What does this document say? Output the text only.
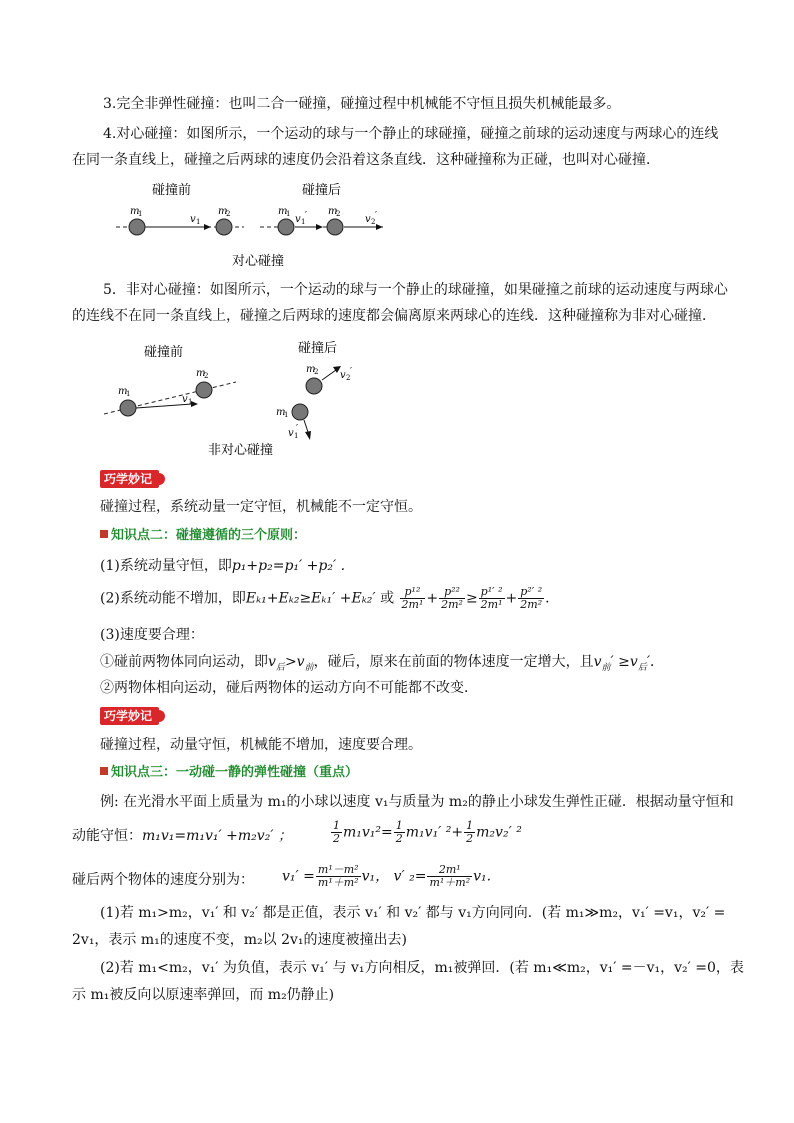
3.完全非弹性碰撞：也叫二合一碰撞，碰撞过程中机械能不守恒且损失机械能最多。
4.对心碰撞：如图所示，一个运动的球与一个静止的球碰撞，碰撞之前球的运动速度与两球心的连线
在同一条直线上，碰撞之后两球的速度仍会沿着这条直线．这种碰撞称为正碰，也叫对心碰撞．
碰撞前	碰撞后
m
1	m
2
v 1
m
1	m
2
v 1
′	v 2
′
对心碰撞
5．非对心碰撞：如图所示，一个运动的球与一个静止的球碰撞，如果碰撞之前球的运动速度与两球心
的连线不在同一条直线上，碰撞之后两球的速度都会偏离原来两球心的连线．这种碰撞称为非对心碰撞．
碰撞前	碰撞后
m
1
m
2
v 1
m
2
m
1
v 2
′
v 1
′
非对心碰撞
巧学妙记
碰撞过程，系统动量一定守恒，机械能不一定守恒。
知识点二：碰撞遵循的三个原则：
(1)系统动量守恒，即p₁+p₂=p₁′ +p₂′ .
(2)系统动能不增加，即Eₖ₁+Eₖ₂≥Eₖ₁′ +Eₖ₂′ 或 $\frac{\text{p¹²}}{\text{2m¹}} + \frac{\text{p²²}}{\text{2m²}} \ge \frac{\text{p¹′ ²}}{\text{2m¹}} + \frac{\text{p²′ ²}}{\text{2m²}}$ .
(3)速度要合理：
①碰前两物体同向运动，即$v_后>v_前$，碰后，原来在前面的物体速度一定增大，且$v_前' \ge v_后'$．
②两物体相向运动，碰后两物体的运动方向不可能都不改变．
巧学妙记
碰撞过程，动量守恒，机械能不增加，速度要合理。
知识点三：一动碰一静的弹性碰撞（重点）
例: 在光滑水平面上质量为 m₁的小球以速度 v₁与质量为 m₂的静止小球发生弹性正碰．根据动量守恒和
动能守恒：m₁v₁=m₁v₁′ +m₂v₂′ ；	$\frac{1}{2} m_1v_1^2= \frac{1}{2} m_1v_1'$ $^2+ \frac{1}{2} m_2v_2'$ ²
碰后两个物体的速度分别为： $v_1' = \frac{\text{m¹－m²}}{\text{m¹＋m²}} v_1$， v′ $_2= \frac{\text{2m¹}}{\text{m¹＋m²}} v_1$.
(1)若 m₁>m₂，v₁′ 和 v₂′ 都是正值，表示 v₁′ 和 v₂′ 都与 v₁方向同向．(若 m₁≫m₂，v₁′ =v₁，v₂′ =
2v₁，表示 m₁的速度不变，m₂以 2v₁的速度被撞出去)
(2)若 m₁<m₂，v₁′ 为负值，表示 v₁′ 与 v₁方向相反，m₁被弹回．(若 m₁≪m₂，v₁′ =－v₁，v₂′ =0，表
示 m₁被反向以原速率弹回，而 m₂仍静止)
